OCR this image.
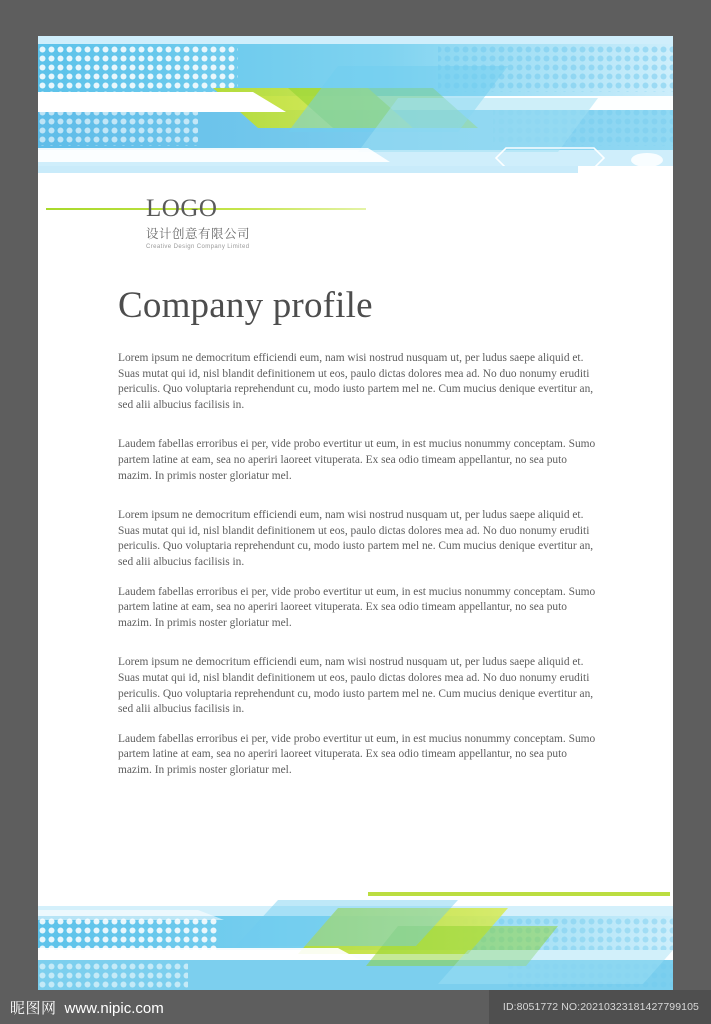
LOGO
设计创意有限公司
Creative Design Company Limited
Company profile

Lorem ipsum ne democritum efficiendi eum, nam wisi nostrud nusquam ut, per ludus saepe aliquid et. Suas mutat qui id, nisl blandit definitionem ut eos, paulo dictas dolores mea ad. No duo nonumy eruditi periculis. Quo voluptaria reprehendunt cu, modo iusto partem mel ne. Cum mucius denique evertitur an, sed alii albucius facilisis in.

Laudem fabellas erroribus ei per, vide probo evertitur ut eum, in est mucius nonummy conceptam. Sumo partem latine at eam, sea no aperiri laoreet vituperata. Ex sea odio timeam appellantur, no sea puto mazim. In primis noster gloriatur mel.

Lorem ipsum ne democritum efficiendi eum, nam wisi nostrud nusquam ut, per ludus saepe aliquid et. Suas mutat qui id, nisl blandit definitionem ut eos, paulo dictas dolores mea ad. No duo nonumy eruditi periculis. Quo voluptaria reprehendunt cu, modo iusto partem mel ne. Cum mucius denique evertitur an, sed alii albucius facilisis in.

Laudem fabellas erroribus ei per, vide probo evertitur ut eum, in est mucius nonummy conceptam. Sumo partem latine at eam, sea no aperiri laoreet vituperata. Ex sea odio timeam appellantur, no sea puto mazim. In primis noster gloriatur mel.

Lorem ipsum ne democritum efficiendi eum, nam wisi nostrud nusquam ut, per ludus saepe aliquid et. Suas mutat qui id, nisl blandit definitionem ut eos, paulo dictas dolores mea ad. No duo nonumy eruditi periculis. Quo voluptaria reprehendunt cu, modo iusto partem mel ne. Cum mucius denique evertitur an, sed alii albucius facilisis in.

Laudem fabellas erroribus ei per, vide probo evertitur ut eum, in est mucius nonummy conceptam. Sumo partem latine at eam, sea no aperiri laoreet vituperata. Ex sea odio timeam appellantur, no sea puto mazim. In primis noster gloriatur mel.

昵图网 www.nipic.com	ID:8051772 NO:20210323181427799105
